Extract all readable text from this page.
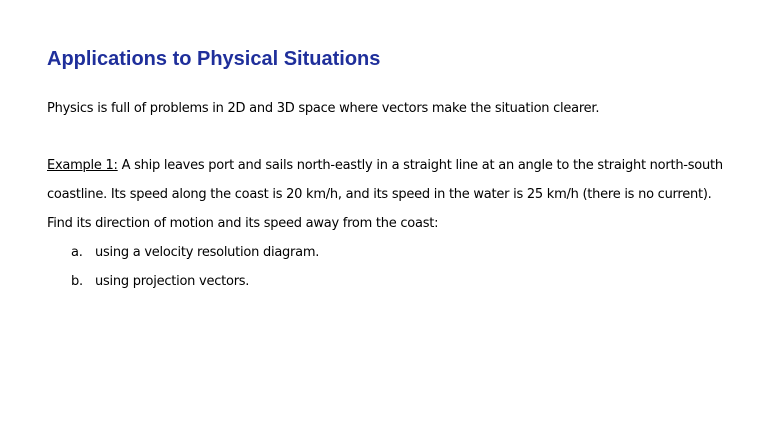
Applications to Physical Situations
Physics is full of problems in 2D and 3D space where vectors make the situation clearer.
Example 1: A ship leaves port and sails north-eastly in a straight line at an angle to the straight north-south
coastline. Its speed along the coast is 20 km/h, and its speed in the water is 25 km/h (there is no current).
Find its direction of motion and its speed away from the coast:
a. using a velocity resolution diagram.
b. using projection vectors.
